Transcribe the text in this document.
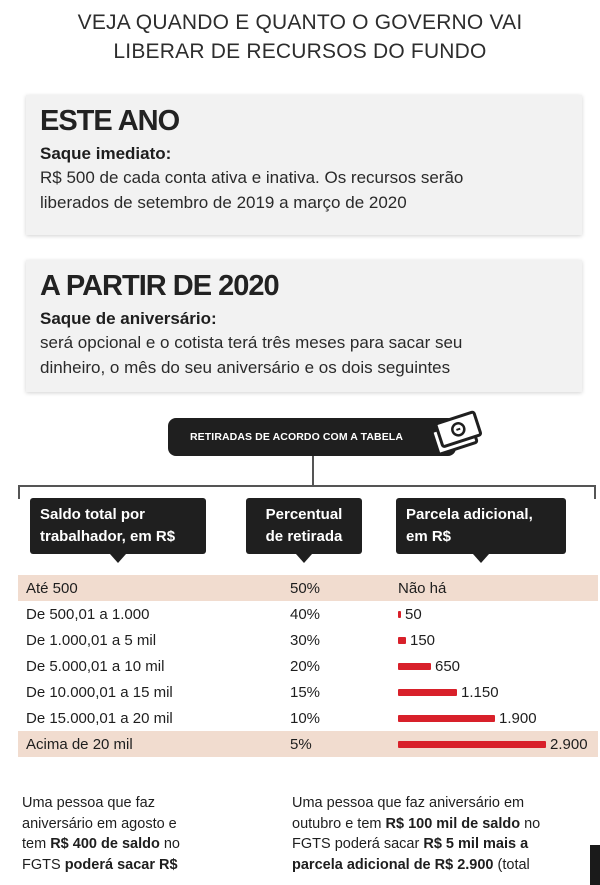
VEJA QUANDO E QUANTO O GOVERNO VAI
LIBERAR DE RECURSOS DO FUNDO
ESTE ANO
Saque imediato:
R$ 500 de cada conta ativa e inativa. Os recursos serão
liberados de setembro de 2019 a março de 2020
A PARTIR DE 2020
Saque de aniversário:
será opcional e o cotista terá três meses para sacar seu
dinheiro, o mês do seu aniversário e os dois seguintes
RETIRADAS DE ACORDO COM A TABELA
Saldo total por
trabalhador, em R$
Percentual
de retirada
Parcela adicional,
em R$
Até 500	50%	Não há
De 500,01 a 1.000	40%	50
De 1.000,01 a 5 mil	30%	150
De 5.000,01 a 10 mil	20%	650
De 10.000,01 a 15 mil	15%	1.150
De 15.000,01 a 20 mil	10%	1.900
Acima de 20 mil	5%	2.900
Uma pessoa que faz
aniversário em agosto e
tem R$ 400 de saldo no
FGTS poderá sacar R$
Uma pessoa que faz aniversário em
outubro e tem R$ 100 mil de saldo no
FGTS poderá sacar R$ 5 mil mais a
parcela adicional de R$ 2.900 (total
